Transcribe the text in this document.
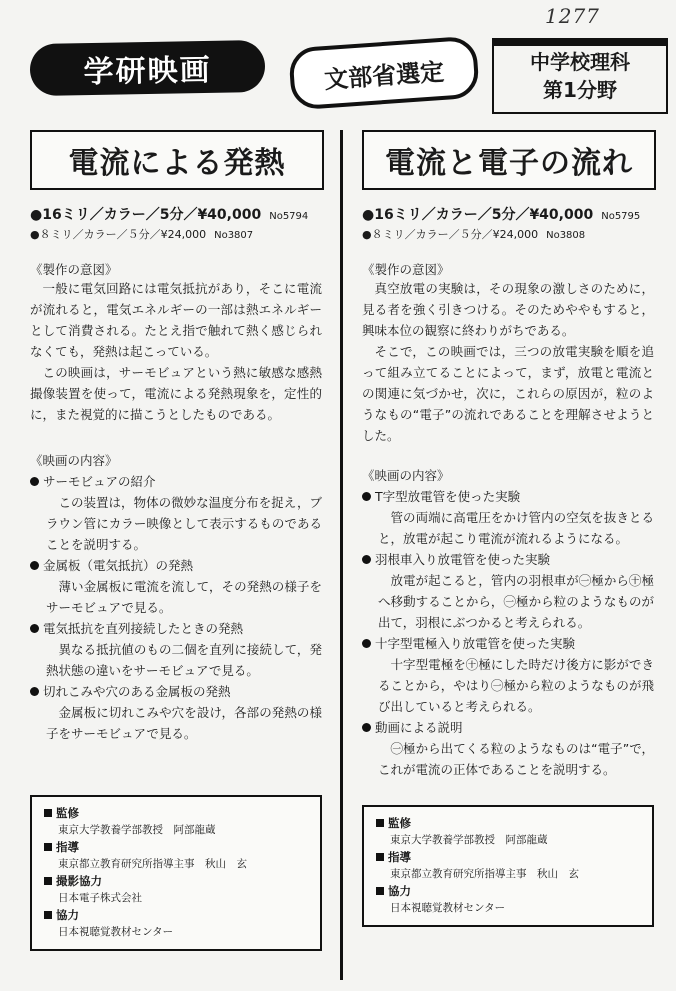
1277
学研映画	文部省選定	中学校理科
第1分野
電流による発熱
●16ミリ／カラー／5分／¥40,000 No5794
●８ミリ／カラー／５分／¥24,000 No3807
《製作の意図》

一般に電気回路には電気抵抗があり，そこに電流が流れると，電気エネルギーの一部は熱エネルギーとして消費される。たとえ指で触れて熱く感じられなくても，発熱は起こっている。

この映画は，サーモビュアという熱に敏感な感熱撮像装置を使って，電流による発熱現象を，定性的に，また視覚的に描こうとしたものである。

《映画の内容》
サーモビュアの紹介
この装置は，物体の微妙な温度分布を捉え，ブラウン管にカラー映像として表示するものであることを説明する。
金属板（電気抵抗）の発熱
薄い金属板に電流を流して，その発熱の様子をサーモビュアで見る。
電気抵抗を直列接続したときの発熱
異なる抵抗値のもの二個を直列に接続して，発熱状態の違いをサーモビュアで見る。
切れこみや穴のある金属板の発熱
金属板に切れこみや穴を設け，各部の発熱の様子をサーモビュアで見る。
監修
東京大学教養学部教授　阿部龍蔵
指導
東京都立教育研究所指導主事　秋山　玄
撮影協力
日本電子株式会社
協力
日本視聴覚教材センター
電流と電子の流れ
●16ミリ／カラー／5分／¥40,000 No5795
●８ミリ／カラー／５分／¥24,000 No3808
《製作の意図》

真空放電の実験は，その現象の激しさのために，見る者を強く引きつける。そのためややもすると，興味本位の観察に終わりがちである。

そこで，この映画では，三つの放電実験を順を追って組み立てることによって，まず，放電と電流との関連に気づかせ，次に，これらの原因が，粒のようなもの“電子”の流れであることを理解させようとした。

《映画の内容》
T字型放電管を使った実験
管の両端に高電圧をかけ管内の空気を抜きとると，放電が起こり電流が流れるようになる。
羽根車入り放電管を使った実験
放電が起こると，管内の羽根車が㊀極から㊉極へ移動することから，㊀極から粒のようなものが出て，羽根にぶつかると考えられる。
十字型電極入り放電管を使った実験
十字型電極を㊉極にした時だけ後方に影ができることから，やはり㊀極から粒のようなものが飛び出していると考えられる。
動画による説明
㊀極から出てくる粒のようなものは“電子”で，これが電流の正体であることを説明する。
監修
東京大学教養学部教授　阿部龍蔵
指導
東京都立教育研究所指導主事　秋山　玄
協力
日本視聴覚教材センター
